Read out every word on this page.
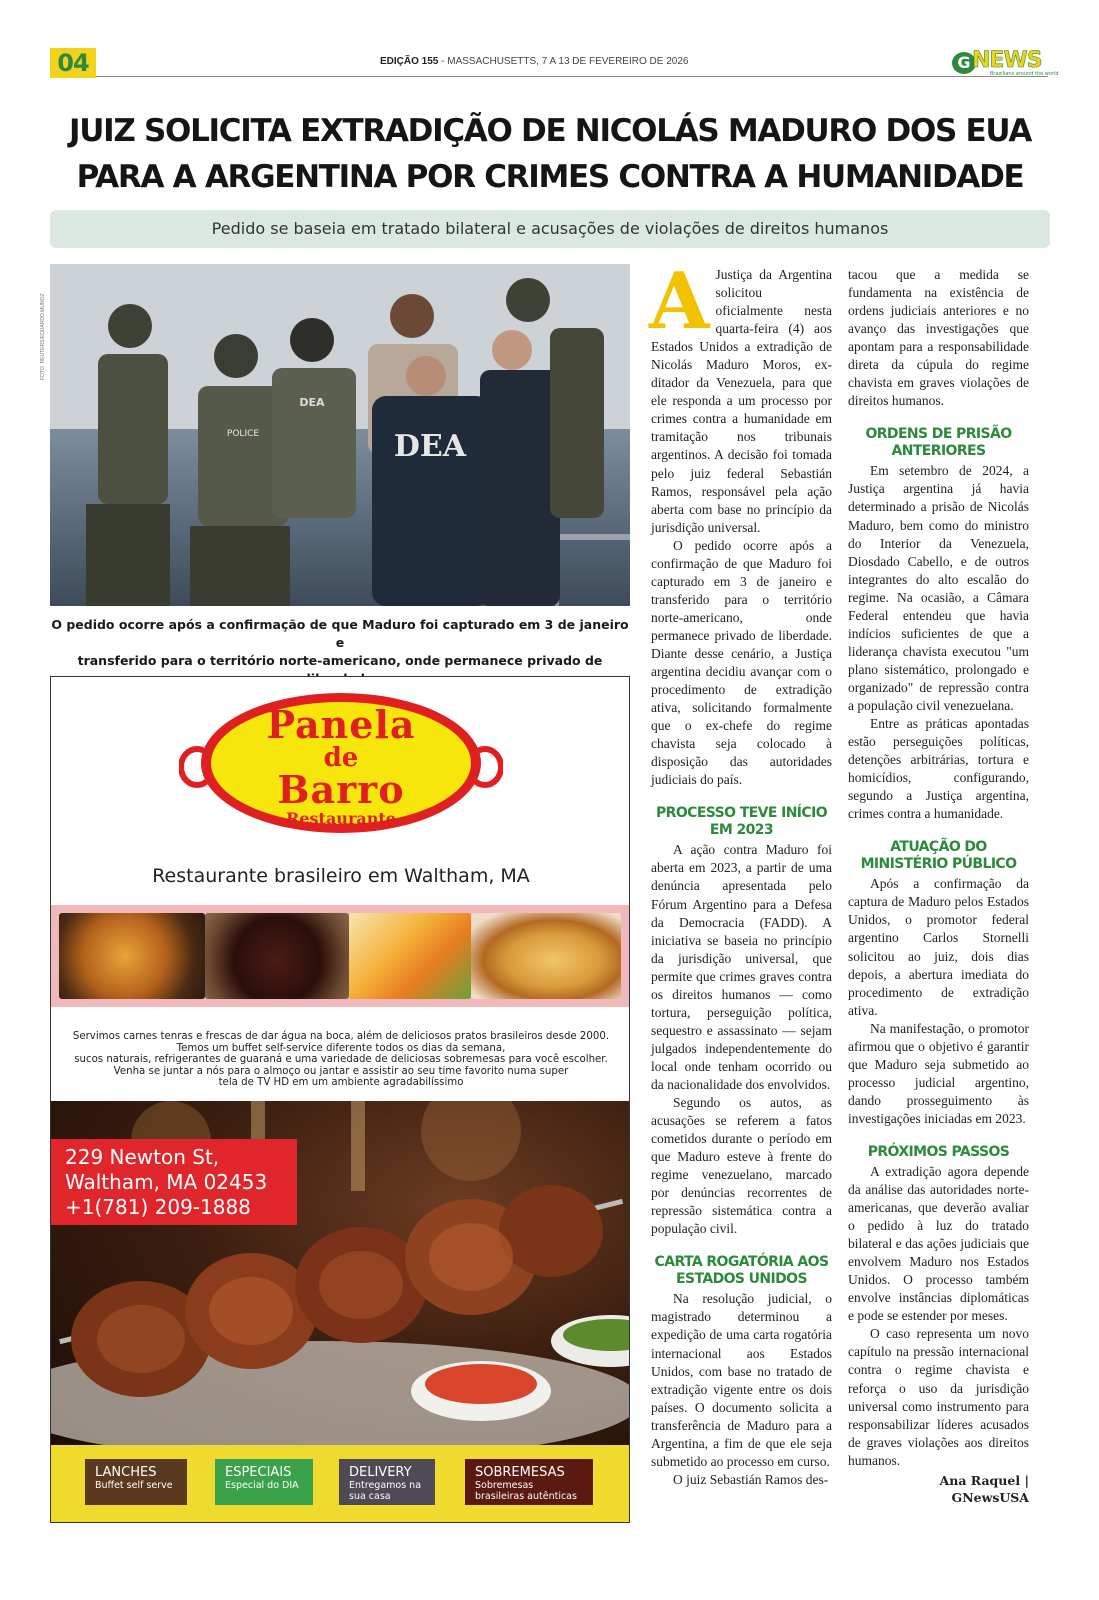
04	EDIÇÃO 155 - MASSACHUSETTS, 7 A 13 DE FEVEREIRO DE 2026	G NEWS
Brazilians around the world
JUIZ SOLICITA EXTRADIÇÃO DE NICOLÁS MADURO DOS EUA
PARA A ARGENTINA POR CRIMES CONTRA A HUMANIDADE
Pedido se baseia em tratado bilateral e acusações de violações de direitos humanos
FOTO: REUTERS/EDUARDO MUNOZ
POLICE
DEA
DEA
O pedido ocorre após a confirmação de que Maduro foi capturado em 3 de janeiro e
transferido para o território norte-americano, onde permanece privado de
Panela
de
Barro
Restaurante
Restaurante brasileiro em Waltham, MA
Servimos carnes tenras e frescas de dar água na boca, além de deliciosos pratos brasileiros desde 2000.
Temos um buffet self-service diferente todos os dias da semana,
sucos naturais, refrigerantes de guaraná e uma variedade de deliciosas sobremesas para você escolher.
Venha se juntar a nós para o almoço ou jantar e assistir ao seu time favorito numa super
tela de TV HD em um ambiente agradabilíssimo
229 Newton St,
Waltham, MA 02453
+1(781) 209-1888
LANCHES
Buffet self serve
ESPECIAIS
Especial do DIA
DELIVERY
Entregamos na sua casa
SOBREMESAS
Sobremesas brasileiras autênticas

A Justiça da Argentina solicitou oficialmente nesta quarta-feira (4) aos Estados Unidos a extradição de Nicolás Maduro Moros, ex-ditador da Venezuela, para que ele responda a um processo por crimes contra a humanidade em tramitação nos tribunais argentinos. A decisão foi tomada pelo juiz federal Sebastián Ramos, responsável pela ação aberta com base no princípio da jurisdição universal.

O pedido ocorre após a confirmação de que Maduro foi capturado em 3 de janeiro e transferido para o território norte-americano, onde permanece privado de liberdade. Diante desse cenário, a Justiça argentina decidiu avançar com o procedimento de extradição ativa, solicitando formalmente que o ex-chefe do regime chavista seja colocado à disposição das autoridades judiciais do país.

PROCESSO TEVE INÍCIO EM 2023

A ação contra Maduro foi aberta em 2023, a partir de uma denúncia apresentada pelo Fórum Argentino para a Defesa da Democracia (FADD). A iniciativa se baseia no princípio da jurisdição universal, que permite que crimes graves contra os direitos humanos — como tortura, perseguição política, sequestro e assassinato — sejam julgados independentemente do local onde tenham ocorrido ou da nacionalidade dos envolvidos.

Segundo os autos, as acusações se referem a fatos cometidos durante o período em que Maduro esteve à frente do regime venezuelano, marcado por denúncias recorrentes de repressão sistemática contra a população civil.

CARTA ROGATÓRIA AOS ESTADOS UNIDOS

Na resolução judicial, o magistrado determinou a expedição de uma carta rogatória internacional aos Estados Unidos, com base no tratado de extradição vigente entre os dois países. O documento solicita a transferência de Maduro para a Argentina, a fim de que ele seja submetido ao processo em curso.

O juiz Sebastián Ramos des-

tacou que a medida se fundamenta na existência de ordens judiciais anteriores e no avanço das investigações que apontam para a responsabilidade direta da cúpula do regime chavista em graves violações de direitos humanos.

ORDENS DE PRISÃO ANTERIORES

Em setembro de 2024, a Justiça argentina já havia determinado a prisão de Nicolás Maduro, bem como do ministro do Interior da Venezuela, Diosdado Cabello, e de outros integrantes do alto escalão do regime. Na ocasião, a Câmara Federal entendeu que havia indícios suficientes de que a liderança chavista executou "um plano sistemático, prolongado e organizado" de repressão contra a população civil venezuelana.

Entre as práticas apontadas estão perseguições políticas, detenções arbitrárias, tortura e homicídios, configurando, segundo a Justiça argentina, crimes contra a humanidade.

ATUAÇÃO DO MINISTÉRIO PÚBLICO

Após a confirmação da captura de Maduro pelos Estados Unidos, o promotor federal argentino Carlos Stornelli solicitou ao juiz, dois dias depois, a abertura imediata do procedimento de extradição ativa.

Na manifestação, o promotor afirmou que o objetivo é garantir que Maduro seja submetido ao processo judicial argentino, dando prosseguimento às investigações iniciadas em 2023.

PRÓXIMOS PASSOS

A extradição agora depende da análise das autoridades norte-americanas, que deverão avaliar o pedido à luz do tratado bilateral e das ações judiciais que envolvem Maduro nos Estados Unidos. O processo também envolve instâncias diplomáticas e pode se estender por meses.

O caso representa um novo capítulo na pressão internacional contra o regime chavista e reforça o uso da jurisdição universal como instrumento para responsabilizar líderes acusados de graves violações aos direitos humanos.

Ana Raquel |
GNewsUSA
